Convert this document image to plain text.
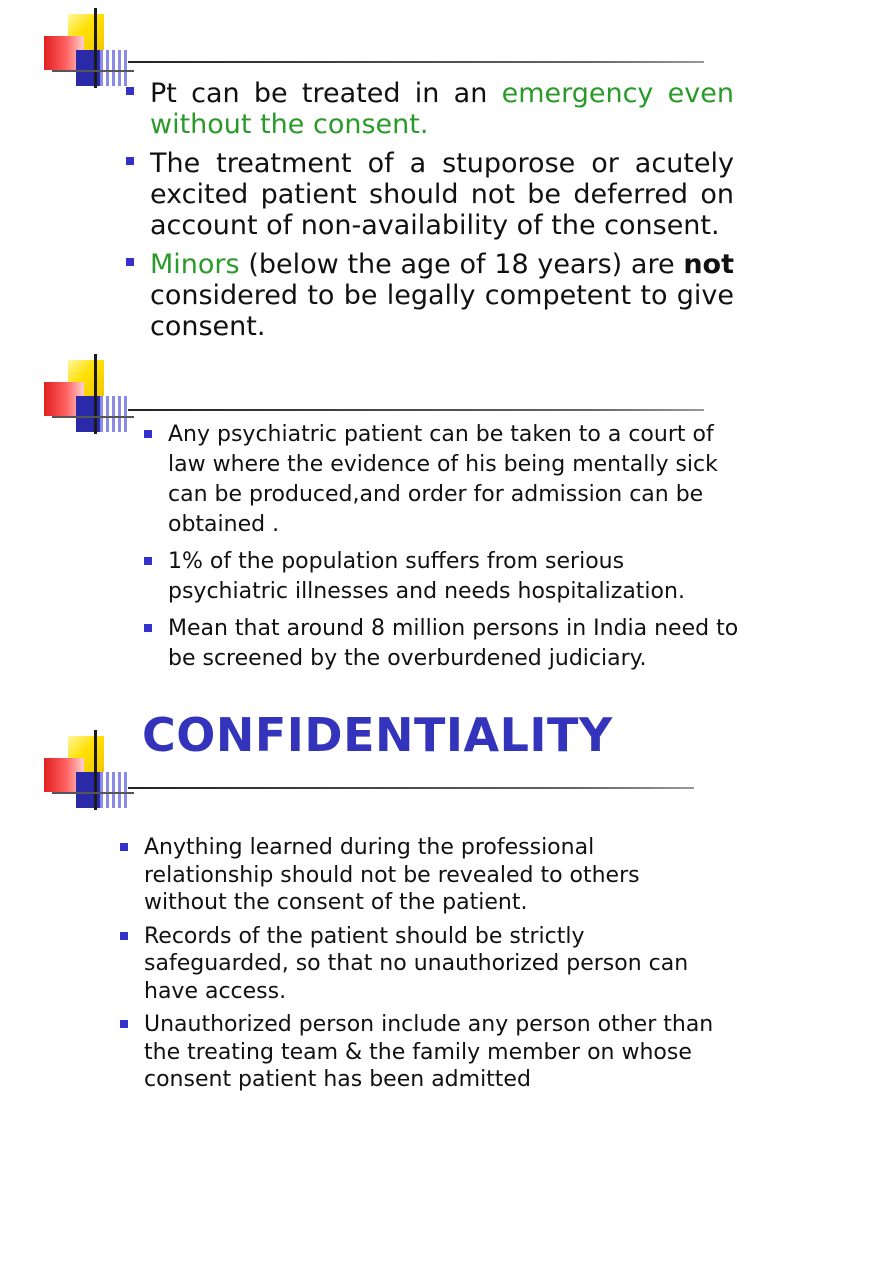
Pt can be treated in an emergency even without the consent.
The treatment of a stuporose or acutely excited patient should not be deferred on account of non-availability of the consent.
Minors (below the age of 18 years) are not considered to be legally competent to give consent.
Any psychiatric patient can be taken to a court of law where the evidence of his being mentally sick can be produced,and order for admission can be obtained .
1% of the population suffers from serious psychiatric illnesses and needs hospitalization.
Mean that around 8 million persons in India need to be screened by the overburdened judiciary.
CONFIDENTIALITY
Anything learned during the professional relationship should not be revealed to others without the consent of the patient.
Records of the patient should be strictly safeguarded, so that no unauthorized person can have access.
Unauthorized person include any person other than the treating team & the family member on whose consent patient has been admitted
